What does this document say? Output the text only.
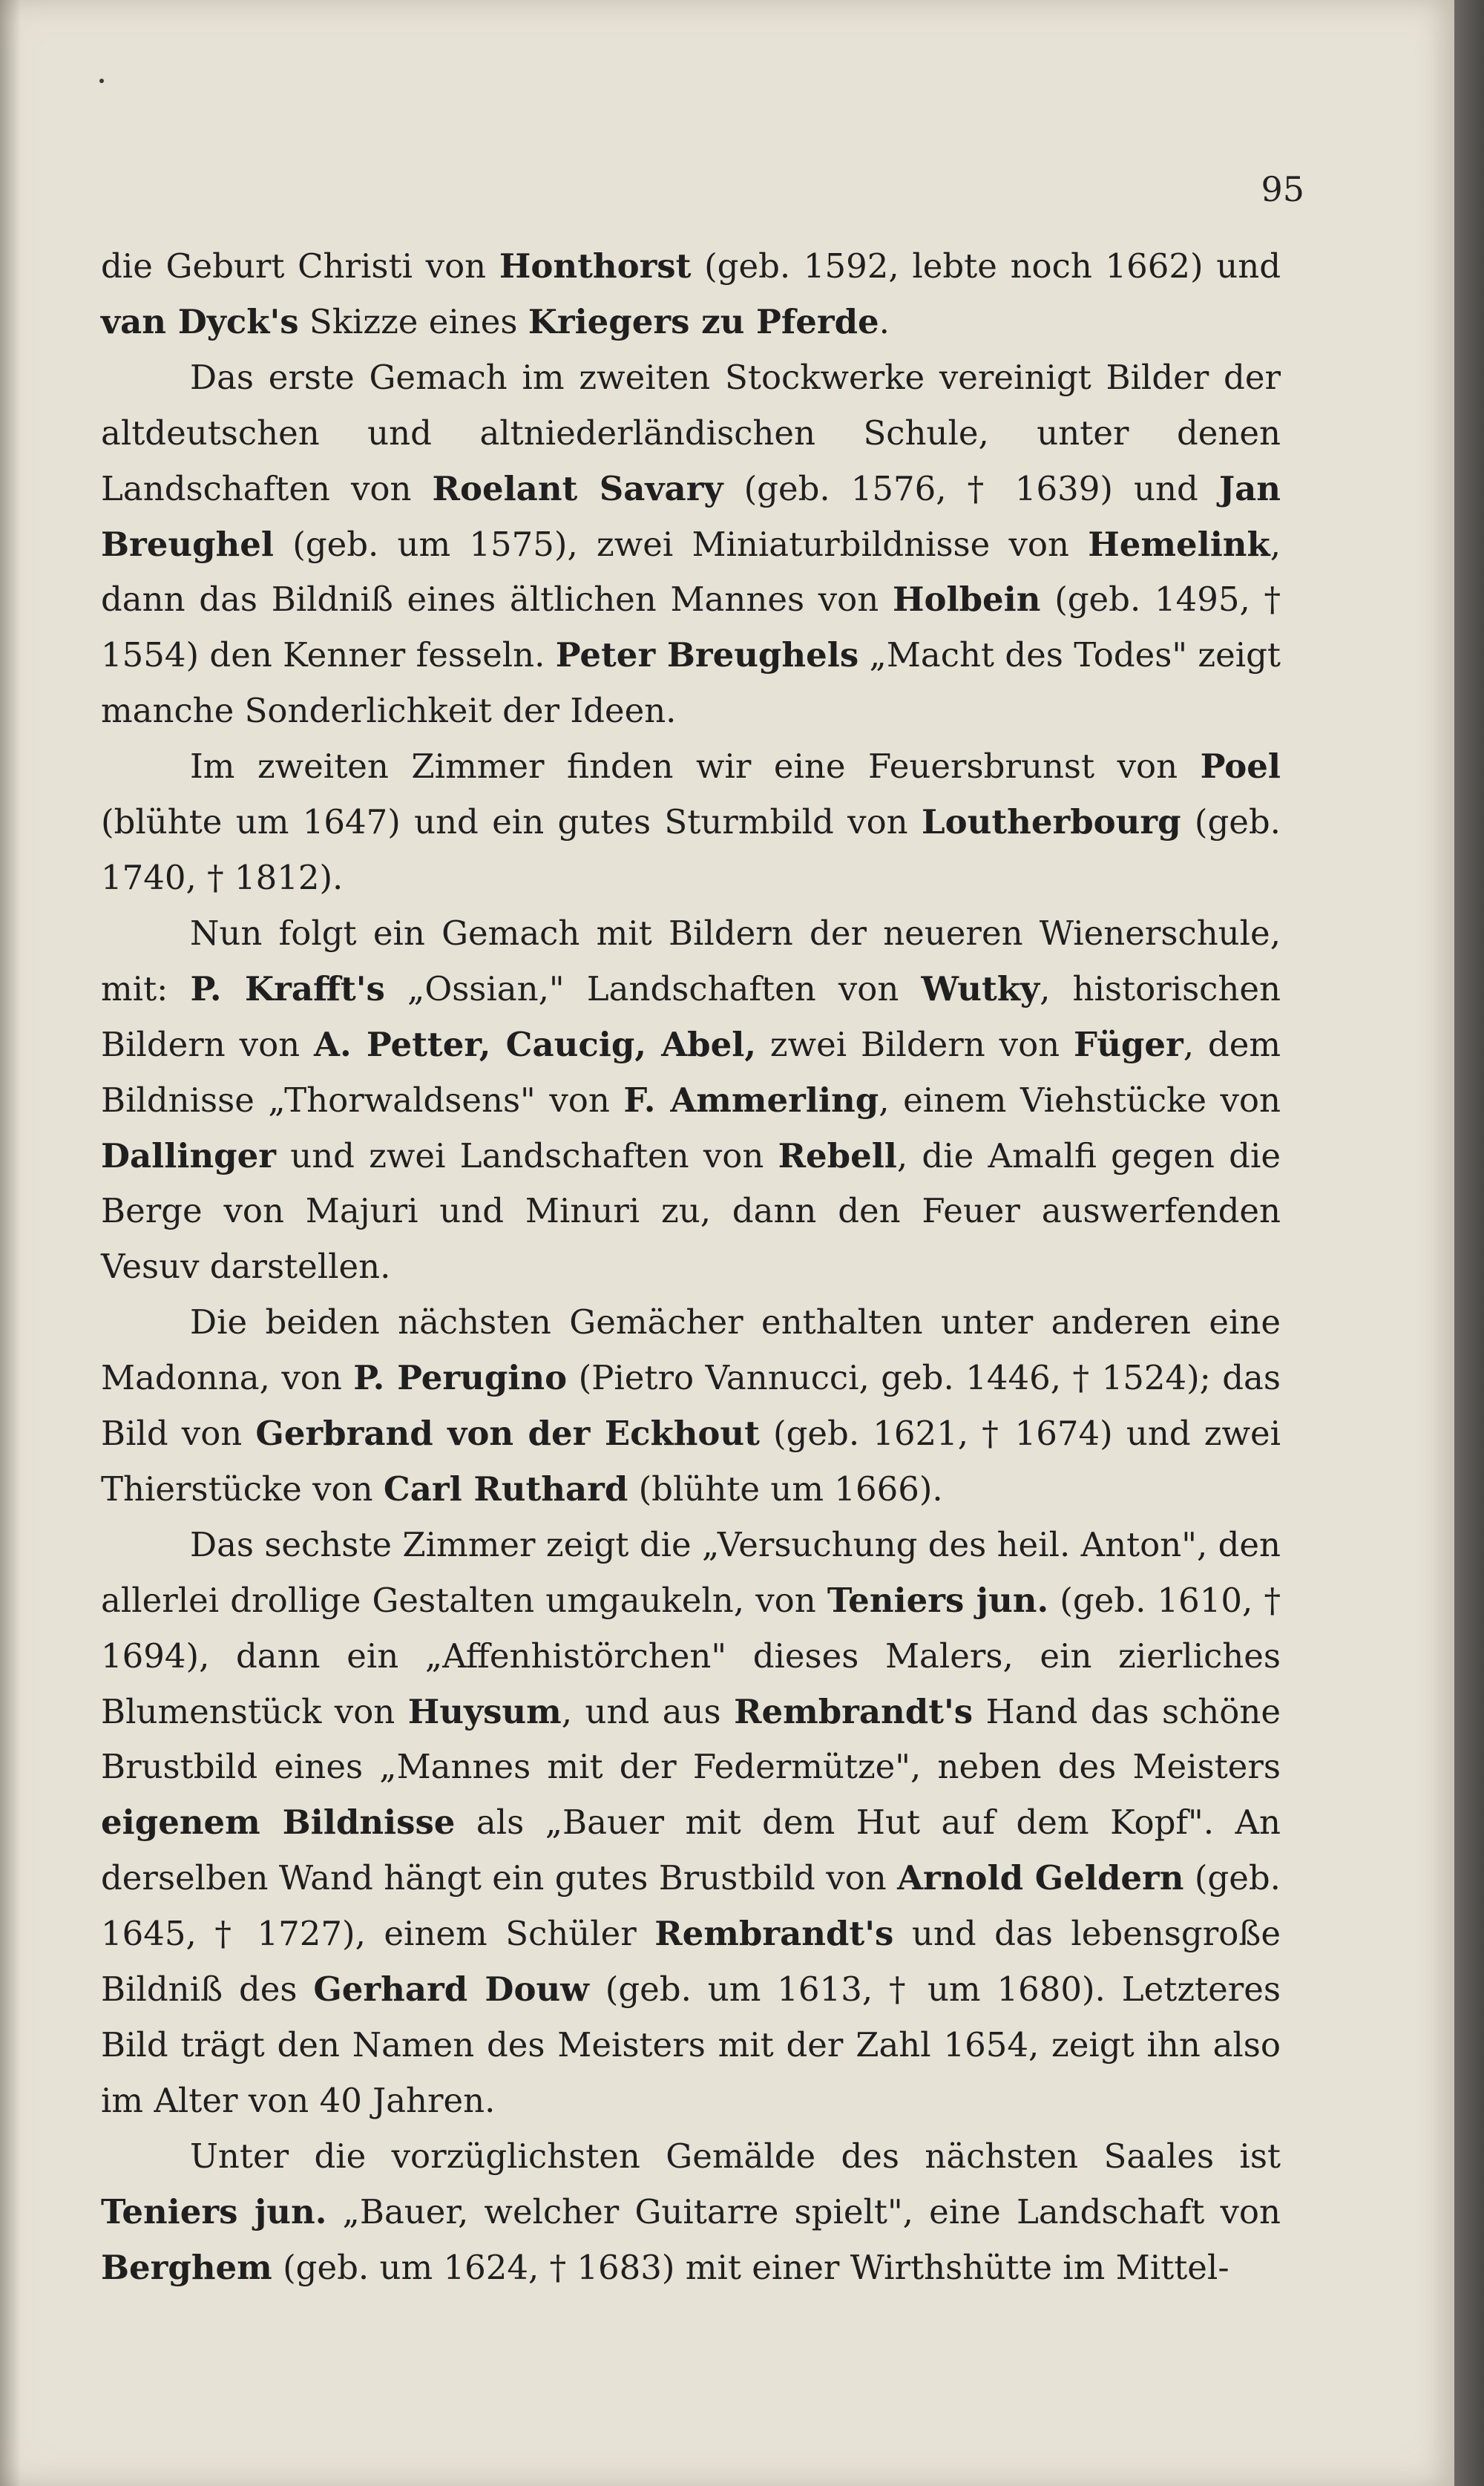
95

die Geburt Christi von Honthorst (geb. 1592, lebte noch 1662) und van Dyck's Skizze eines Kriegers zu Pferde.

Das erste Gemach im zweiten Stockwerke vereinigt Bilder der altdeutschen und altniederländischen Schule, unter denen Landschaften von Roelant Savary (geb. 1576, † 1639) und Jan Breughel (geb. um 1575), zwei Miniaturbildnisse von Hemelink, dann das Bildniß eines ältlichen Mannes von Holbein (geb. 1495, † 1554) den Kenner fesseln. Peter Breughels „Macht des Todes" zeigt manche Sonderlichkeit der Ideen.

Im zweiten Zimmer finden wir eine Feuersbrunst von Poel (blühte um 1647) und ein gutes Sturmbild von Loutherbourg (geb. 1740, † 1812).

Nun folgt ein Gemach mit Bildern der neueren Wienerschule, mit: P. Krafft's „Ossian," Landschaften von Wutky, historischen Bildern von A. Petter, Caucig, Abel, zwei Bildern von Füger, dem Bildnisse „Thorwaldsens" von F. Ammerling, einem Viehstücke von Dallinger und zwei Landschaften von Rebell, die Amalfi gegen die Berge von Majuri und Minuri zu, dann den Feuer auswerfenden Vesuv darstellen.

Die beiden nächsten Gemächer enthalten unter anderen eine Madonna, von P. Perugino (Pietro Vannucci, geb. 1446, † 1524); das Bild von Gerbrand von der Eckhout (geb. 1621, † 1674) und zwei Thierstücke von Carl Ruthard (blühte um 1666).

Das sechste Zimmer zeigt die „Versuchung des heil. Anton", den allerlei drollige Gestalten umgaukeln, von Teniers jun. (geb. 1610, † 1694), dann ein „Affenhistörchen" dieses Malers, ein zierliches Blumenstück von Huysum, und aus Rembrandt's Hand das schöne Brustbild eines „Mannes mit der Federmütze", neben des Meisters eigenem Bildnisse als „Bauer mit dem Hut auf dem Kopf". An derselben Wand hängt ein gutes Brustbild von Arnold Geldern (geb. 1645, † 1727), einem Schüler Rembrandt's und das lebensgroße Bildniß des Gerhard Douw (geb. um 1613, † um 1680). Letzteres Bild trägt den Namen des Meisters mit der Zahl 1654, zeigt ihn also im Alter von 40 Jahren.

Unter die vorzüglichsten Gemälde des nächsten Saales ist Teniers jun. „Bauer, welcher Guitarre spielt", eine Landschaft von Berghem (geb. um 1624, † 1683) mit einer Wirthshütte im Mittel-
